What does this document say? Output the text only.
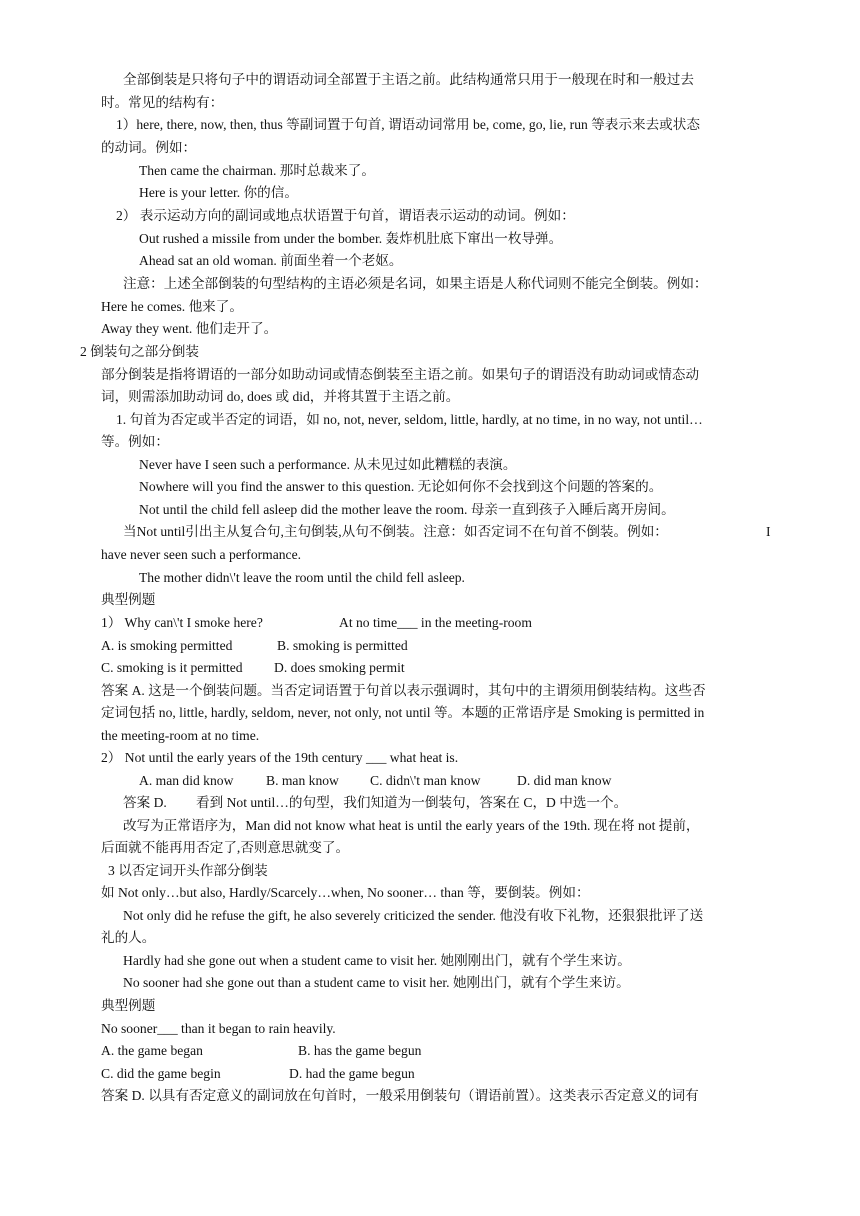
全部倒装是只将句子中的谓语动词全部置于主语之前。此结构通常只用于一般现在时和一般过去
时。常见的结构有：
1）here, there, now, then, thus 等副词置于句首, 谓语动词常用 be, come, go, lie, run 等表示来去或状态
的动词。例如：
Then came the chairman. 那时总裁来了。
Here is your letter. 你的信。
2） 表示运动方向的副词或地点状语置于句首，谓语表示运动的动词。例如：
Out rushed a missile from under the bomber. 轰炸机肚底下窜出一枚导弹。
Ahead sat an old woman. 前面坐着一个老妪。
注意：上述全部倒装的句型结构的主语必须是名词，如果主语是人称代词则不能完全倒装。例如：
Here he comes. 他来了。
Away they went. 他们走开了。
2 倒装句之部分倒装
部分倒装是指将谓语的一部分如助动词或情态倒装至主语之前。如果句子的谓语没有助动词或情态动
词，则需添加助动词 do, does 或 did，并将其置于主语之前。
1. 句首为否定或半否定的词语，如 no, not, never, seldom, little, hardly, at no time, in no way, not until…
等。例如：
Never have I seen such a performance. 从未见过如此糟糕的表演。
Nowhere will you find the answer to this question. 无论如何你不会找到这个问题的答案的。
Not until the child fell asleep did the mother leave the room. 母亲一直到孩子入睡后离开房间。
当Not until引出主从复合句,主句倒装,从句不倒装。注意：如否定词不在句首不倒装。例如：	I
have never seen such a performance.
The mother didn\'t leave the room until the child fell asleep.
典型例题
1） Why can\'t I smoke here?	At no time___ in the meeting-room
A. is smoking permitted	B. smoking is permitted
C. smoking is it permitted D. does smoking permit
答案 A. 这是一个倒装问题。当否定词语置于句首以表示强调时，其句中的主谓须用倒装结构。这些否
定词包括 no, little, hardly, seldom, never, not only, not until 等。本题的正常语序是 Smoking is permitted in
the meeting-room at no time.
2） Not until the early years of the 19th century ___ what heat is.
A. man did know B. man know C. didn\'t man know	D. did man know
答案 D. 看到 Not until…的句型，我们知道为一倒装句，答案在 C，D 中选一个。
改写为正常语序为，Man did not know what heat is until the early years of the 19th. 现在将 not 提前，
后面就不能再用否定了,否则意思就变了。
3 以否定词开头作部分倒装
如 Not only…but also, Hardly/Scarcely…when, No sooner… than 等，要倒装。例如：
Not only did he refuse the gift, he also severely criticized the sender. 他没有收下礼物，还狠狠批评了送
礼的人。
Hardly had she gone out when a student came to visit her. 她刚刚出门，就有个学生来访。
No sooner had she gone out than a student came to visit her. 她刚出门，就有个学生来访。
典型例题
No sooner___ than it began to rain heavily.
A. the game began	B. has the game begun
C. did the game begin	D. had the game begun
答案 D. 以具有否定意义的副词放在句首时，一般采用倒装句（谓语前置）。这类表示否定意义的词有
